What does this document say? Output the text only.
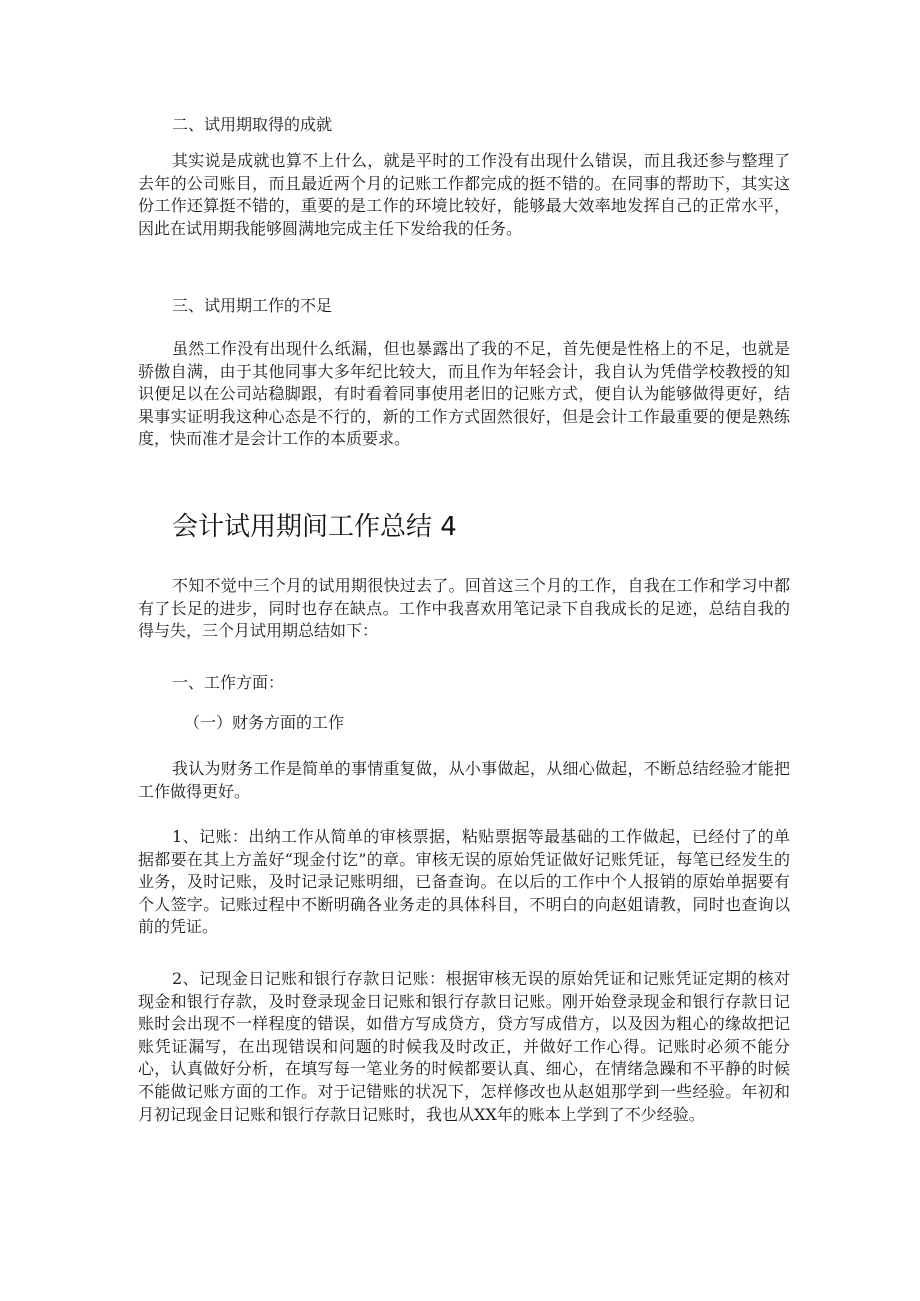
二、试用期取得的成就

其实说是成就也算不上什么，就是平时的工作没有出现什么错误，而且我还参与整理了去年的公司账目，而且最近两个月的记账工作都完成的挺不错的。在同事的帮助下，其实这份工作还算挺不错的，重要的是工作的环境比较好，能够最大效率地发挥自己的正常水平，因此在试用期我能够圆满地完成主任下发给我的任务。

三、试用期工作的不足

虽然工作没有出现什么纸漏，但也暴露出了我的不足，首先便是性格上的不足，也就是骄傲自满，由于其他同事大多年纪比较大，而且作为年轻会计，我自认为凭借学校教授的知识便足以在公司站稳脚跟，有时看着同事使用老旧的记账方式，便自认为能够做得更好，结果事实证明我这种心态是不行的，新的工作方式固然很好，但是会计工作最重要的便是熟练度，快而准才是会计工作的本质要求。

会计试用期间工作总结 4

不知不觉中三个月的试用期很快过去了。回首这三个月的工作，自我在工作和学习中都有了长足的进步，同时也存在缺点。工作中我喜欢用笔记录下自我成长的足迹，总结自我的得与失，三个月试用期总结如下：

一、工作方面：
（一）财务方面的工作

我认为财务工作是简单的事情重复做，从小事做起，从细心做起，不断总结经验才能把工作做得更好。

1、记账：出纳工作从简单的审核票据，粘贴票据等最基础的工作做起，已经付了的单据都要在其上方盖好“现金付讫”的章。审核无误的原始凭证做好记账凭证，每笔已经发生的业务，及时记账，及时记录记账明细，已备查询。在以后的工作中个人报销的原始单据要有个人签字。记账过程中不断明确各业务走的具体科目，不明白的向赵姐请教，同时也查询以前的凭证。

2、记现金日记账和银行存款日记账：根据审核无误的原始凭证和记账凭证定期的核对现金和银行存款，及时登录现金日记账和银行存款日记账。刚开始登录现金和银行存款日记账时会出现不一样程度的错误，如借方写成贷方，贷方写成借方，以及因为粗心的缘故把记账凭证漏写，在出现错误和问题的时候我及时改正，并做好工作心得。记账时必须不能分心，认真做好分析，在填写每一笔业务的时候都要认真、细心，在情绪急躁和不平静的时候不能做记账方面的工作。对于记错账的状况下，怎样修改也从赵姐那学到一些经验。年初和月初记现金日记账和银行存款日记账时，我也从XX年的账本上学到了不少经验。
